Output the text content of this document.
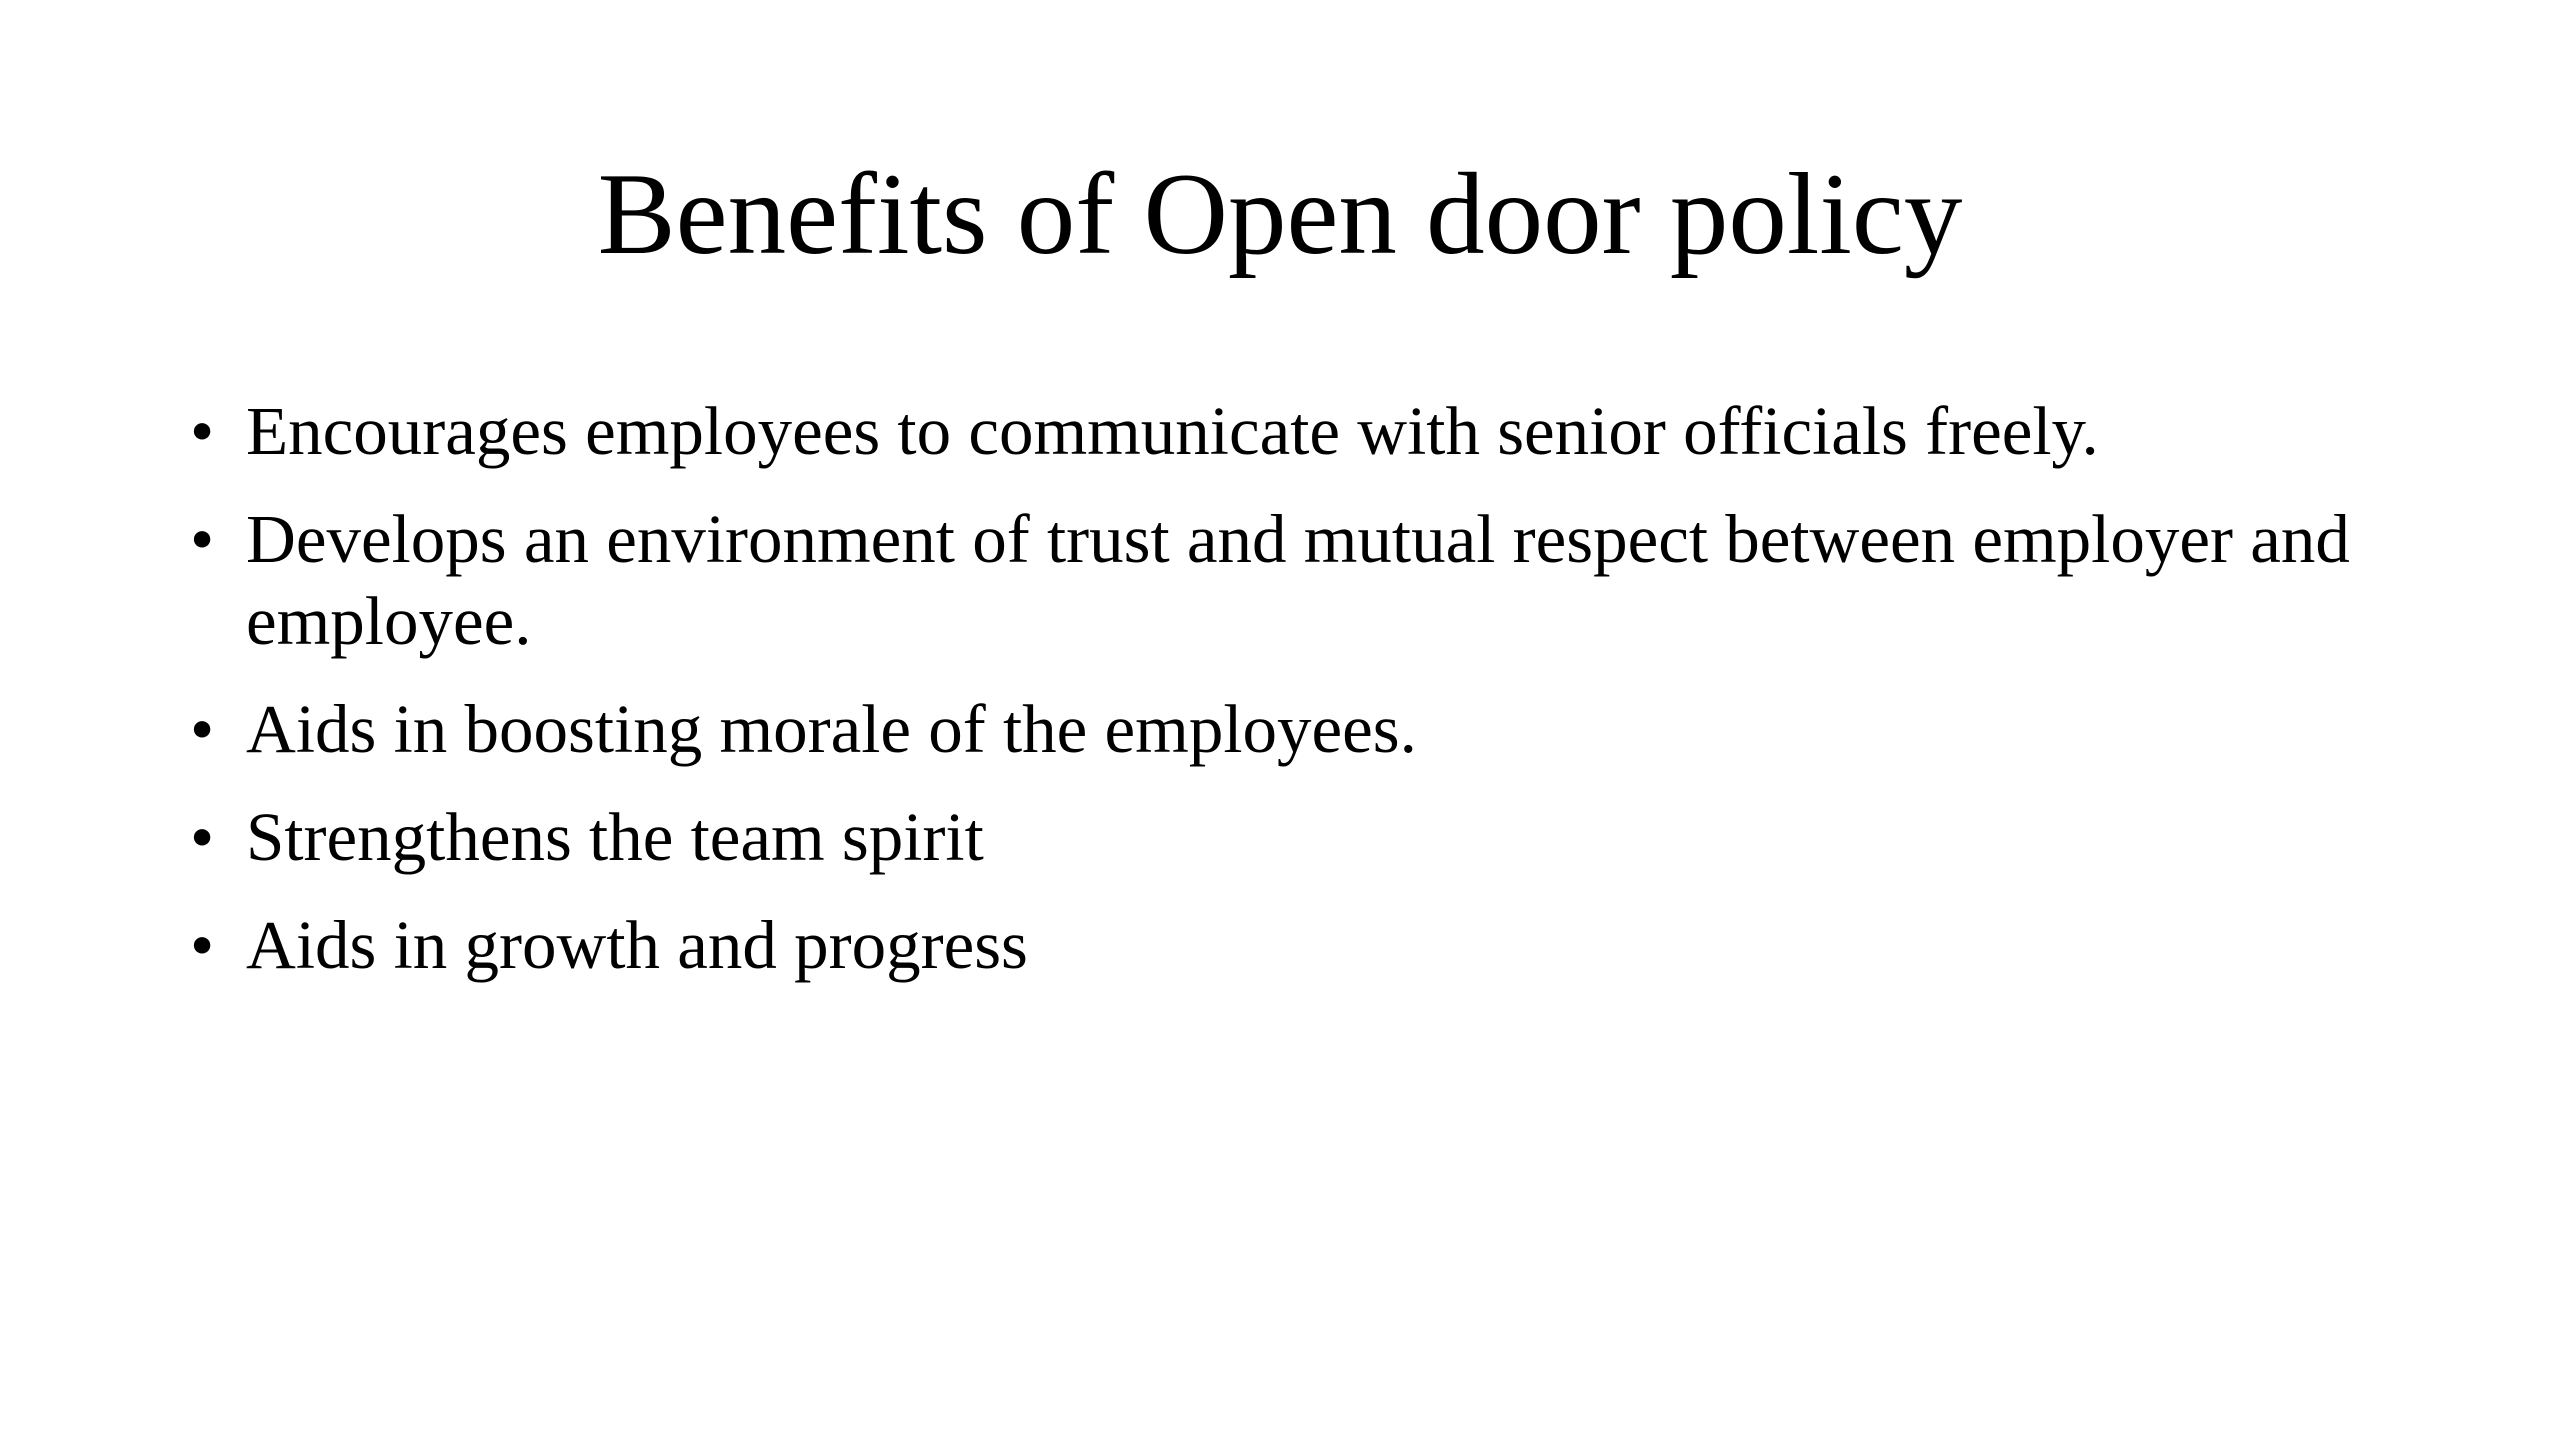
Benefits of Open door policy
• Encourages employees to communicate with senior officials freely.
• Develops an environment of trust and mutual respect between employer and employee.
• Aids in boosting morale of the employees.
• Strengthens the team spirit
• Aids in growth and progress
